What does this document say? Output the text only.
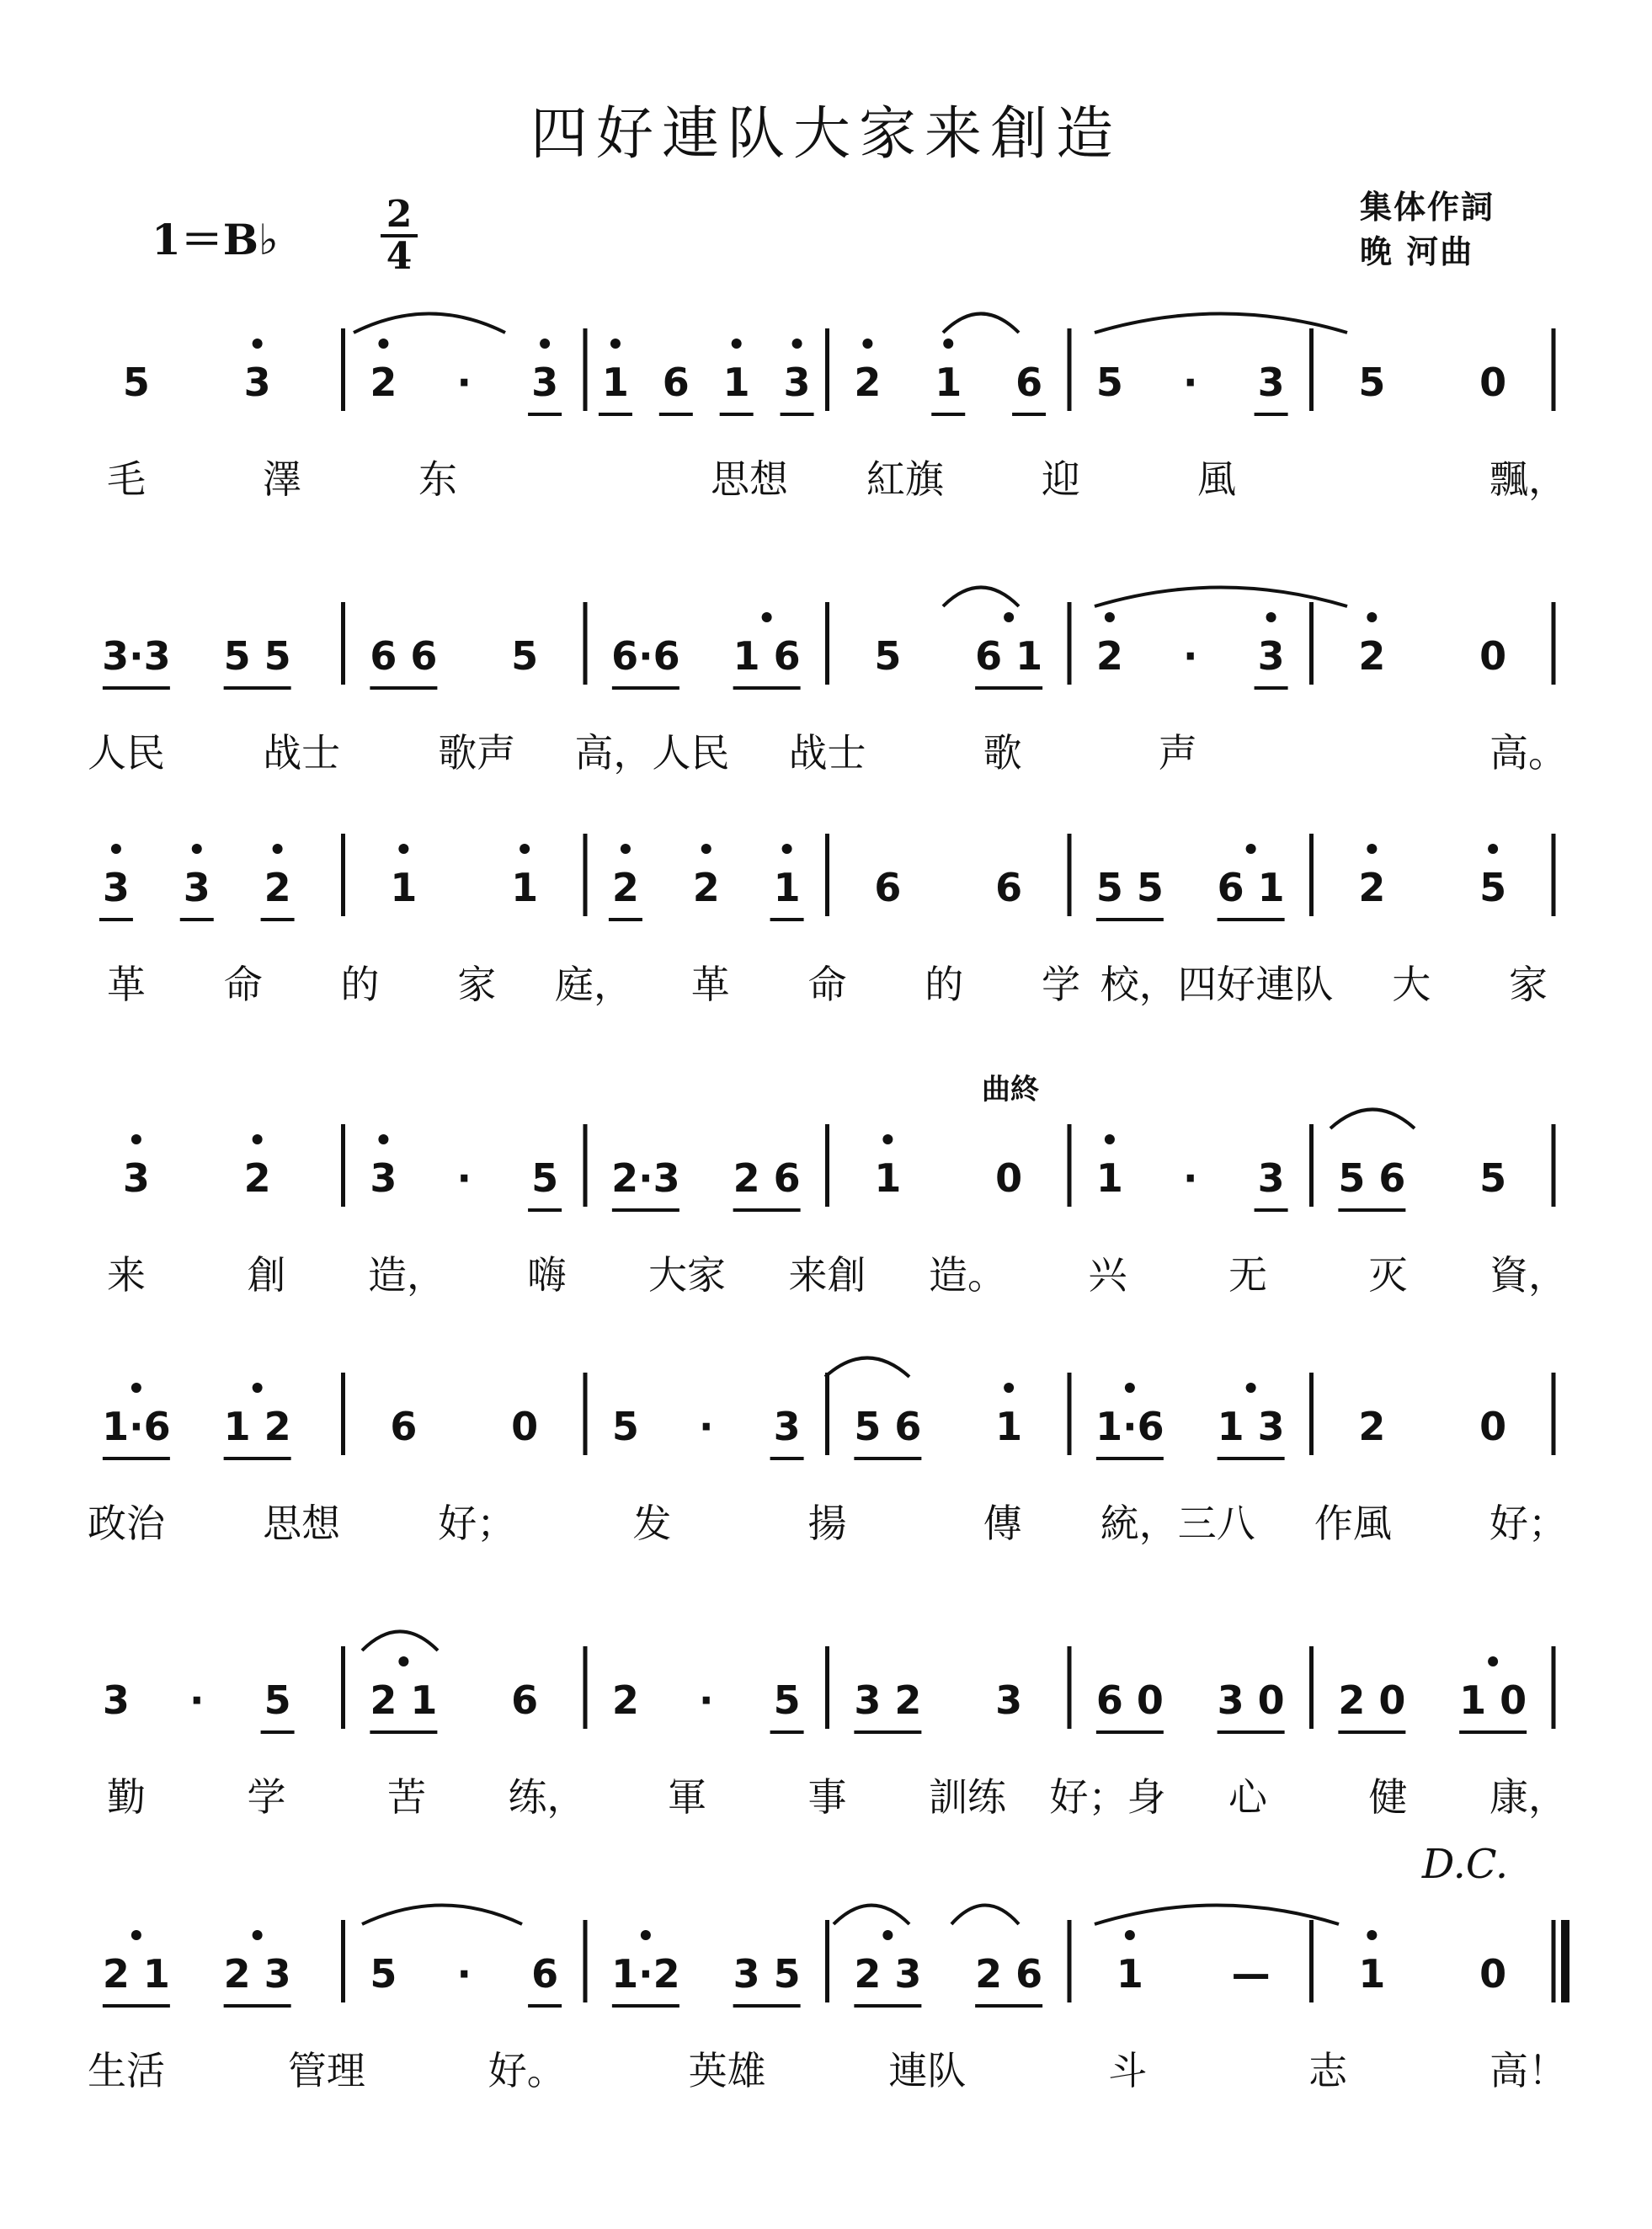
四好連队大家来創造
1＝B♭
2
4
集体作詞
晚 河曲
5 3	2 · 3 1 6 1 3 2 1 6 5 · 3 5 0
毛	澤	东	思想 紅旗	迎	風	飄，
3·3 5 5 6 6 5 6·6 1 6 5 6 1 2 · 3 2 0
人民	战士	歌声 高，人民 战士	歌	声	高。
3 3 2	1 1 2 2 1 6 6 5 5 6 1 2 5
革 命 的 家 庭， 革 命 的 学 校，四好 連队 大 家
3 2	3 · 5 2·3 2 6 1 0 1 · 3 5 6 5
来	創 造， 嗨 大家 来創 造。 兴	无	灭 資，
1·6 1 2	6 0 5 · 3 5 6 1 1·6 1 3 2 0
政治	思想	好；	发	揚	傳 統，三八 作風	好；
3 · 5 2 1 6 2 · 5 3 2 3 6 0 3 0 2 0 1 0
勤	学	苦 练， 軍	事 訓练 好；身 心	健 康，
2 1 2 3 5 · 6 1·2 3 5 2 3 2 6 1 — 1 0
生活	管理	好。	英雄	連队	斗	志	高！
曲終
D.C.
